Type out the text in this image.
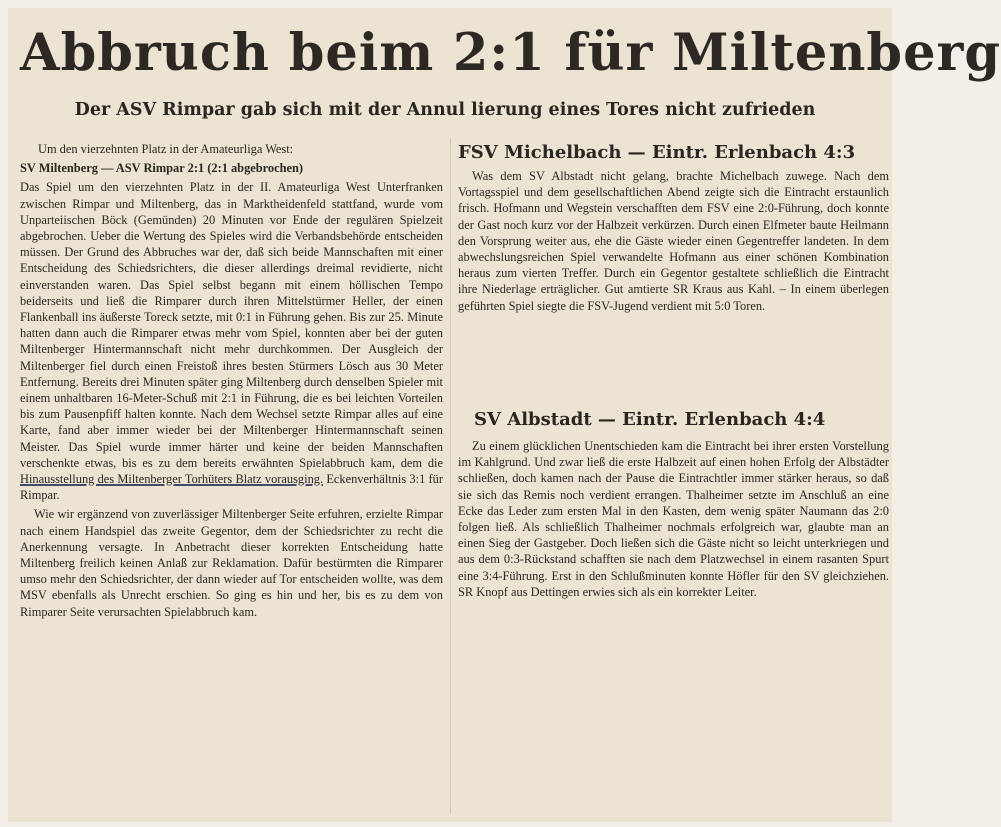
Abbruch beim 2:1 für Miltenberg
Der ASV Rimpar gab sich mit der Annul lierung eines Tores nicht zufrieden

Um den vierzehnten Platz in der Amateurliga West:

SV Miltenberg — ASV Rimpar 2:1 (2:1 abgebrochen)

Das Spiel um den vierzehnten Platz in der II. Amateurliga West Unterfranken zwischen Rimpar und Miltenberg, das in Marktheidenfeld stattfand, wurde vom Unparteiischen Böck (Gemünden) 20 Minuten vor Ende der regulären Spielzeit abgebrochen. Ueber die Wertung des Spieles wird die Verbandsbehörde entscheiden müssen. Der Grund des Abbruches war der, daß sich beide Mannschaften mit einer Entscheidung des Schiedsrichters, die dieser allerdings dreimal revidierte, nicht einverstanden waren. Das Spiel selbst begann mit einem höllischen Tempo beiderseits und ließ die Rimparer durch ihren Mittelstürmer Heller, der einen Flankenball ins äußerste Toreck setzte, mit 0:1 in Führung gehen. Bis zur 25. Minute hatten dann auch die Rimparer etwas mehr vom Spiel, konnten aber bei der guten Miltenberger Hintermannschaft nicht mehr durchkommen. Der Ausgleich der Miltenberger fiel durch einen Freistoß ihres besten Stürmers Lösch aus 30 Meter Entfernung. Bereits drei Minuten später ging Miltenberg durch denselben Spieler mit einem unhaltbaren 16-Meter-Schuß mit 2:1 in Führung, die es bei leichten Vorteilen bis zum Pausenpfiff halten konnte. Nach dem Wechsel setzte Rimpar alles auf eine Karte, fand aber immer wieder bei der Miltenberger Hintermannschaft seinen Meister. Das Spiel wurde immer härter und keine der beiden Mannschaften verschenkte etwas, bis es zu dem bereits erwähnten Spielabbruch kam, dem die Hinausstellung des Miltenberger Torhüters Blatz vorausging. Eckenverhältnis 3:1 für Rimpar.

Wie wir ergänzend von zuverlässiger Miltenberger Seite erfuhren, erzielte Rimpar nach einem Handspiel das zweite Gegentor, dem der Schiedsrichter zu recht die Anerkennung versagte. In Anbetracht dieser korrekten Entscheidung hatte Miltenberg freilich keinen Anlaß zur Reklamation. Dafür bestürmten die Rimparer umso mehr den Schiedsrichter, der dann wieder auf Tor entscheiden wollte, was dem MSV ebenfalls als Unrecht erschien. So ging es hin und her, bis es zu dem von Rimparer Seite verursachten Spielabbruch kam.

FSV Michelbach — Eintr. Erlenbach 4:3

Was dem SV Albstadt nicht gelang, brachte Michelbach zuwege. Nach dem Vortagsspiel und dem gesellschaftlichen Abend zeigte sich die Eintracht erstaunlich frisch. Hofmann und Wegstein verschafften dem FSV eine 2:0-Führung, doch konnte der Gast noch kurz vor der Halbzeit verkürzen. Durch einen Elfmeter baute Heilmann den Vorsprung weiter aus, ehe die Gäste wieder einen Gegentreffer landeten. In dem abwechslungsreichen Spiel verwandelte Hofmann aus einer schönen Kombination heraus zum vierten Treffer. Durch ein Gegentor gestaltete schließlich die Eintracht ihre Niederlage erträglicher. Gut amtierte SR Kraus aus Kahl. – In einem überlegen geführten Spiel siegte die FSV-Jugend verdient mit 5:0 Toren.

SV Albstadt — Eintr. Erlenbach 4:4

Zu einem glücklichen Unentschieden kam die Eintracht bei ihrer ersten Vorstellung im Kahlgrund. Und zwar ließ die erste Halbzeit auf einen hohen Erfolg der Albstädter schließen, doch kamen nach der Pause die Eintrachtler immer stärker heraus, so daß sie sich das Remis noch verdient errangen. Thalheimer setzte im Anschluß an eine Ecke das Leder zum ersten Mal in den Kasten, dem wenig später Naumann das 2:0 folgen ließ. Als schließlich Thalheimer nochmals erfolgreich war, glaubte man an einen Sieg der Gastgeber. Doch ließen sich die Gäste nicht so leicht unterkriegen und aus dem 0:3-Rückstand schafften sie nach dem Platzwechsel in einem rasanten Spurt eine 3:4-Führung. Erst in den Schlußminuten konnte Höfler für den SV gleichziehen. SR Knopf aus Dettingen erwies sich als ein korrekter Leiter.
